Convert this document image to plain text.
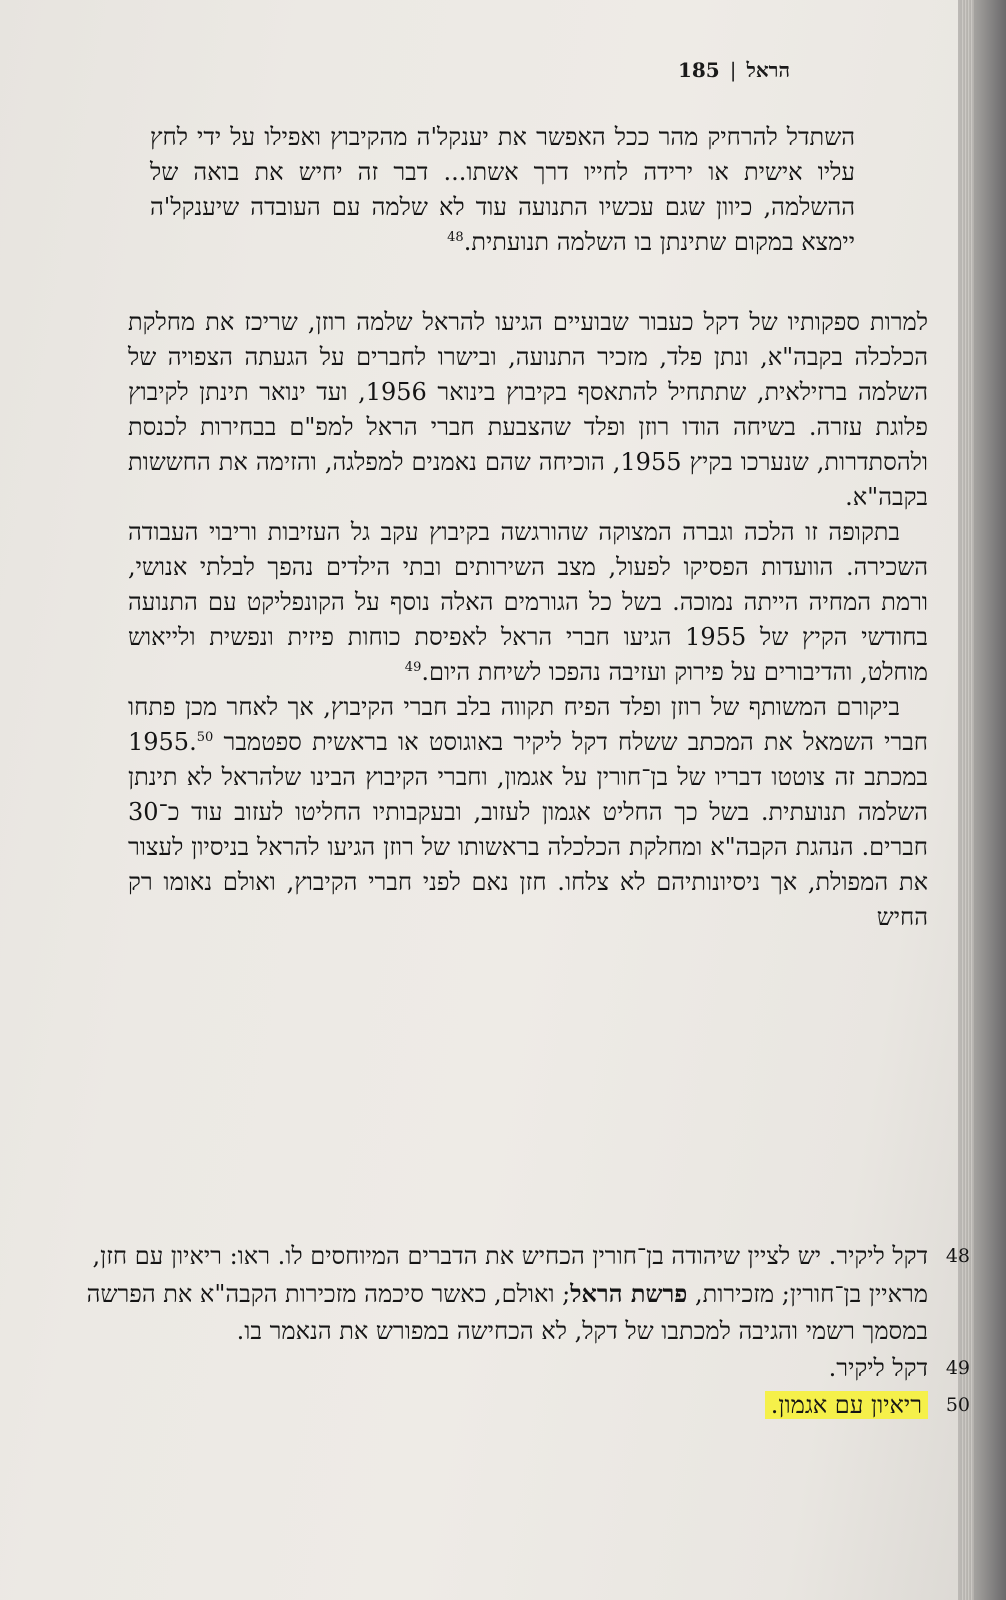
הראל|185

השתדל להרחיק מהר ככל האפשר את יענקל'ה מהקיבוץ ואפילו על ידי לחץ עליו אישית או ירידה לחייו דרך אשתו... דבר זה יחיש את בואה של ההשלמה, כיוון שגם עכשיו התנועה עוד לא שלמה עם העובדה שיענקל'ה יימצא במקום שתינתן בו השלמה תנועתית.$^{48}$

למרות ספקותיו של דקל כעבור שבועיים הגיעו להראל שלמה רוזן, שריכז את מחלקת הכלכלה בקבה"א, ונתן פלד, מזכיר התנועה, ובישרו לחברים על הגעתה הצפויה של השלמה ברזילאית, שתתחיל להתאסף בקיבוץ בינואר 1956, ועד ינואר תינתן לקיבוץ פלוגת עזרה. בשיחה הודו רוזן ופלד שהצבעת חברי הראל למפ"ם בבחירות לכנסת ולהסתדרות, שנערכו בקיץ 1955, הוכיחה שהם נאמנים למפלגה, והזימה את החששות בקבה"א.

בתקופה זו הלכה וגברה המצוקה שהורגשה בקיבוץ עקב גל העזיבות וריבוי העבודה השכירה. הוועדות הפסיקו לפעול, מצב השירותים ובתי הילדים נהפך לבלתי אנושי, ורמת המחיה הייתה נמוכה. בשל כל הגורמים האלה נוסף על הקונפליקט עם התנועה בחודשי הקיץ של 1955 הגיעו חברי הראל לאפיסת כוחות פיזית ונפשית ולייאוש מוחלט, והדיבורים על פירוק ועזיבה נהפכו לשיחת היום.$^{49}$

ביקורם המשותף של רוזן ופלד הפיח תקווה בלב חברי הקיבוץ, אך לאחר מכן פתחו חברי השמאל את המכתב ששלח דקל ליקיר באוגוסט או בראשית ספטמבר 1955.50 במכתב זה צוטטו דבריו של בן־חורין על אגמון, וחברי הקיבוץ הבינו שלהראל לא תינתן השלמה תנועתית. בשל כך החליט אגמון לעזוב, ובעקבותיו החליטו לעזוב עוד כ־30 חברים. הנהגת הקבה"א ומחלקת הכלכלה בראשותו של רוזן הגיעו להראל בניסיון לעצור את המפולת, אך ניסיונותיהם לא צלחו. חזן נאם לפני חברי הקיבוץ, ואולם נאומו רק החיש

48
דקל ליקיר. יש לציין שיהודה בן־חורין הכחיש את הדברים המיוחסים לו. ראו: ריאיון עם חזן, מראיין בן־חורין; מזכירות, פרשת הראל; ואולם, כאשר סיכמה מזכירות הקבה"א את הפרשה במסמך רשמי והגיבה למכתבו של דקל, לא הכחישה במפורש את הנאמר בו.
49
דקל ליקיר.
50
ריאיון עם אגמון.
